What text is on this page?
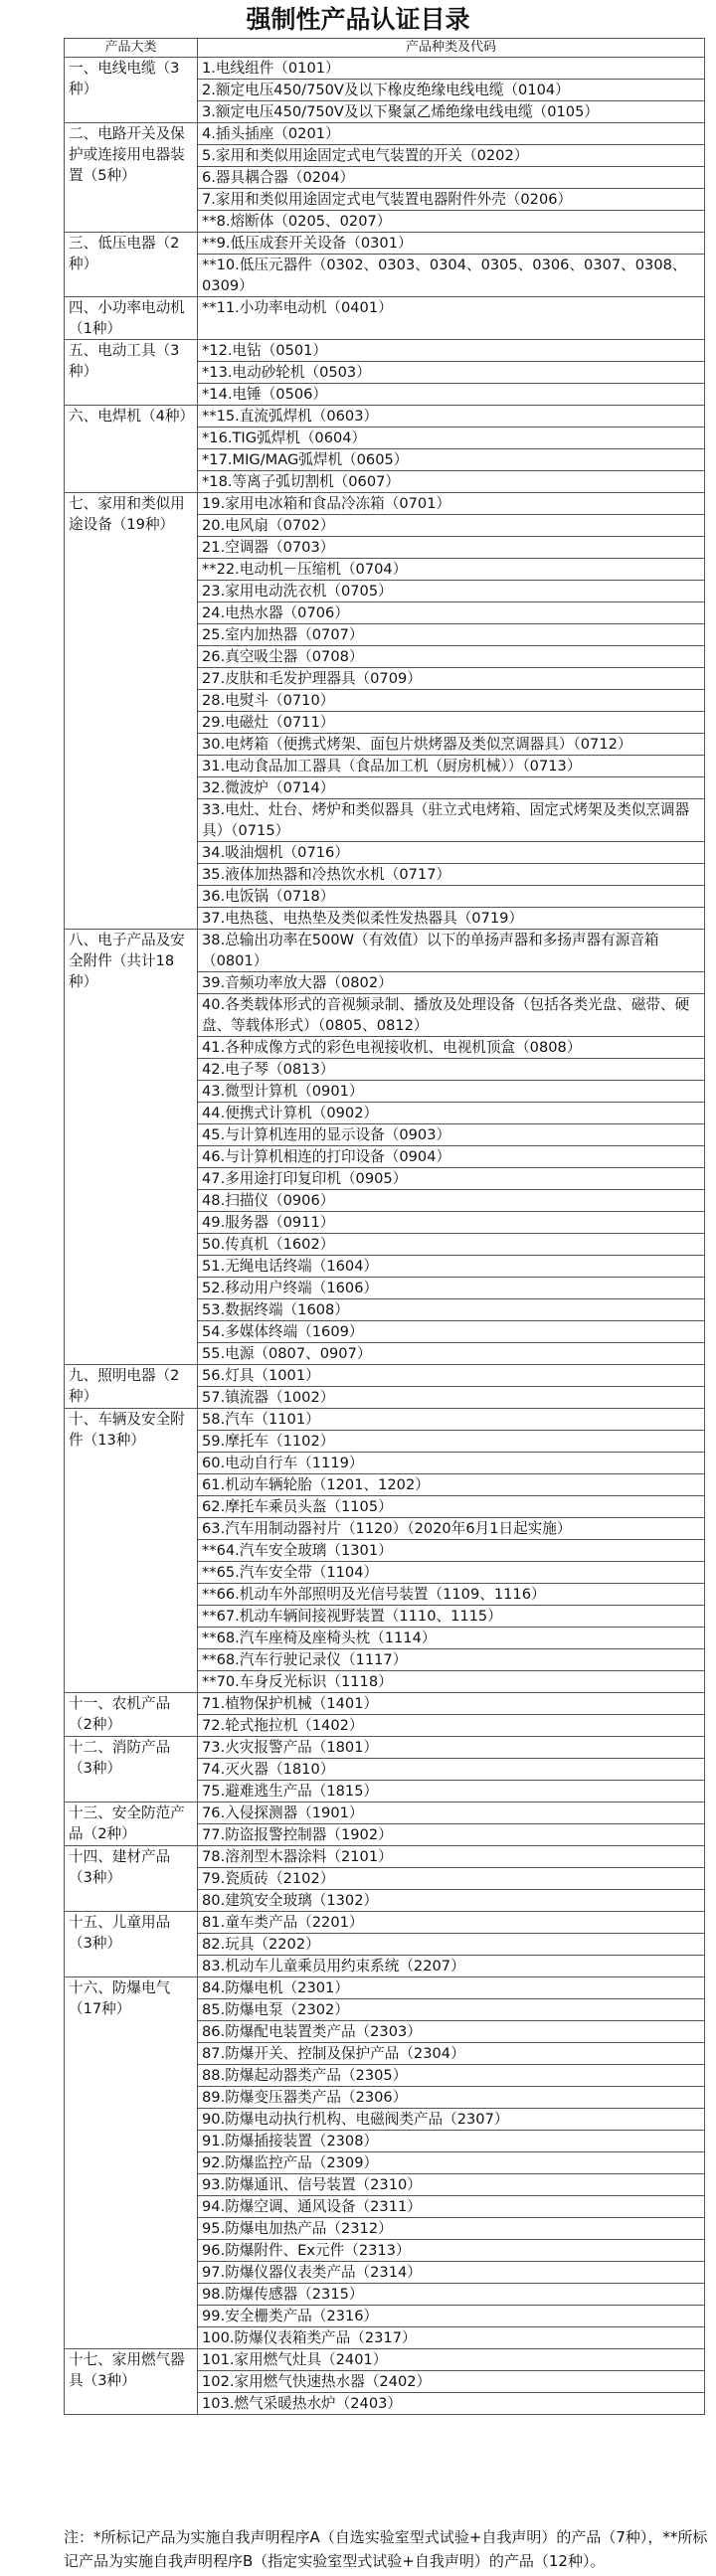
强制性产品认证目录
产品大类	产品种类及代码
一、电线电缆（3种）	1.电线组件（0101）
	2.额定电压450/750V及以下橡皮绝缘电线电缆（0104）
	3.额定电压450/750V及以下聚氯乙烯绝缘电线电缆（0105）
二、电路开关及保护或连接用电器装置（5种）	4.插头插座（0201）
	5.家用和类似用途固定式电气装置的开关（0202）
	6.器具耦合器（0204）
	7.家用和类似用途固定式电气装置电器附件外壳（0206）
	**8.熔断体（0205、0207）
三、低压电器（2种）	**9.低压成套开关设备（0301）
	**10.低压元器件（0302、0303、0304、0305、0306、0307、0308、0309）
四、小功率电动机（1种）	**11.小功率电动机（0401）
五、电动工具（3种）	*12.电钻（0501）
	*13.电动砂轮机（0503）
	*14.电锤（0506）
六、电焊机（4种）	**15.直流弧焊机（0603）
	*16.TIG弧焊机（0604）
	*17.MIG/MAG弧焊机（0605）
	*18.等离子弧切割机（0607）
七、家用和类似用途设备（19种）	19.家用电冰箱和食品冷冻箱（0701）
	20.电风扇（0702）
	21.空调器（0703）
	**22.电动机－压缩机（0704）
	23.家用电动洗衣机（0705）
	24.电热水器（0706）
	25.室内加热器（0707）
	26.真空吸尘器（0708）
	27.皮肤和毛发护理器具（0709）
	28.电熨斗（0710）
	29.电磁灶（0711）
	30.电烤箱（便携式烤架、面包片烘烤器及类似烹调器具）（0712）
	31.电动食品加工器具（食品加工机（厨房机械））（0713）
	32.微波炉（0714）
	33.电灶、灶台、烤炉和类似器具（驻立式电烤箱、固定式烤架及类似烹调器具）（0715）
	34.吸油烟机（0716）
	35.液体加热器和冷热饮水机（0717）
	36.电饭锅（0718）
	37.电热毯、电热垫及类似柔性发热器具（0719）
八、电子产品及安全附件（共计18种）	38.总输出功率在500W（有效值）以下的单扬声器和多扬声器有源音箱（0801）
	39.音频功率放大器（0802）
	40.各类载体形式的音视频录制、播放及处理设备（包括各类光盘、磁带、硬盘、等载体形式）（0805、0812）
	41.各种成像方式的彩色电视接收机、电视机顶盒（0808）
	42.电子琴（0813）
	43.微型计算机（0901）
	44.便携式计算机（0902）
	45.与计算机连用的显示设备（0903）
	46.与计算机相连的打印设备（0904）
	47.多用途打印复印机（0905）
	48.扫描仪（0906）
	49.服务器（0911）
	50.传真机（1602）
	51.无绳电话终端（1604）
	52.移动用户终端（1606）
	53.数据终端（1608）
	54.多媒体终端（1609）
	55.电源（0807、0907）
九、照明电器（2种）	56.灯具（1001）
	57.镇流器（1002）
十、车辆及安全附件（13种）	58.汽车（1101）
	59.摩托车（1102）
	60.电动自行车（1119）
	61.机动车辆轮胎（1201、1202）
	62.摩托车乘员头盔（1105）
	63.汽车用制动器衬片（1120）（2020年6月1日起实施）
	**64.汽车安全玻璃（1301）
	**65.汽车安全带（1104）
	**66.机动车外部照明及光信号装置（1109、1116）
	**67.机动车辆间接视野装置（1110、1115）
	**68.汽车座椅及座椅头枕（1114）
	**68.汽车行驶记录仪（1117）
	**70.车身反光标识（1118）
十一、农机产品（2种）	71.植物保护机械（1401）
	72.轮式拖拉机（1402）
十二、消防产品（3种）	73.火灾报警产品（1801）
	74.灭火器（1810）
	75.避难逃生产品（1815）
十三、安全防范产品（2种）	76.入侵探测器（1901）
	77.防盗报警控制器（1902）
十四、建材产品（3种）	78.溶剂型木器涂料（2101）
	79.瓷质砖（2102）
	80.建筑安全玻璃（1302）
十五、儿童用品（3种）	81.童车类产品（2201）
	82.玩具（2202）
	83.机动车儿童乘员用约束系统（2207）
十六、防爆电气（17种）	84.防爆电机（2301）
	85.防爆电泵（2302）
	86.防爆配电装置类产品（2303）
	87.防爆开关、控制及保护产品（2304）
	88.防爆起动器类产品（2305）
	89.防爆变压器类产品（2306）
	90.防爆电动执行机构、电磁阀类产品（2307）
	91.防爆插接装置（2308）
	92.防爆监控产品（2309）
	93.防爆通讯、信号装置（2310）
	94.防爆空调、通风设备（2311）
	95.防爆电加热产品（2312）
	96.防爆附件、Ex元件（2313）
	97.防爆仪器仪表类产品（2314）
	98.防爆传感器（2315）
	99.安全栅类产品（2316）
	100.防爆仪表箱类产品（2317）
十七、家用燃气器具（3种）	101.家用燃气灶具（2401）
	102.家用燃气快速热水器（2402）
	103.燃气采暖热水炉（2403）
注：*所标记产品为实施自我声明程序A（自选实验室型式试验+自我声明）的产品（7种），**所标记产品为实施自我声明程序B（指定实验室型式试验+自我声明）的产品（12种）。
